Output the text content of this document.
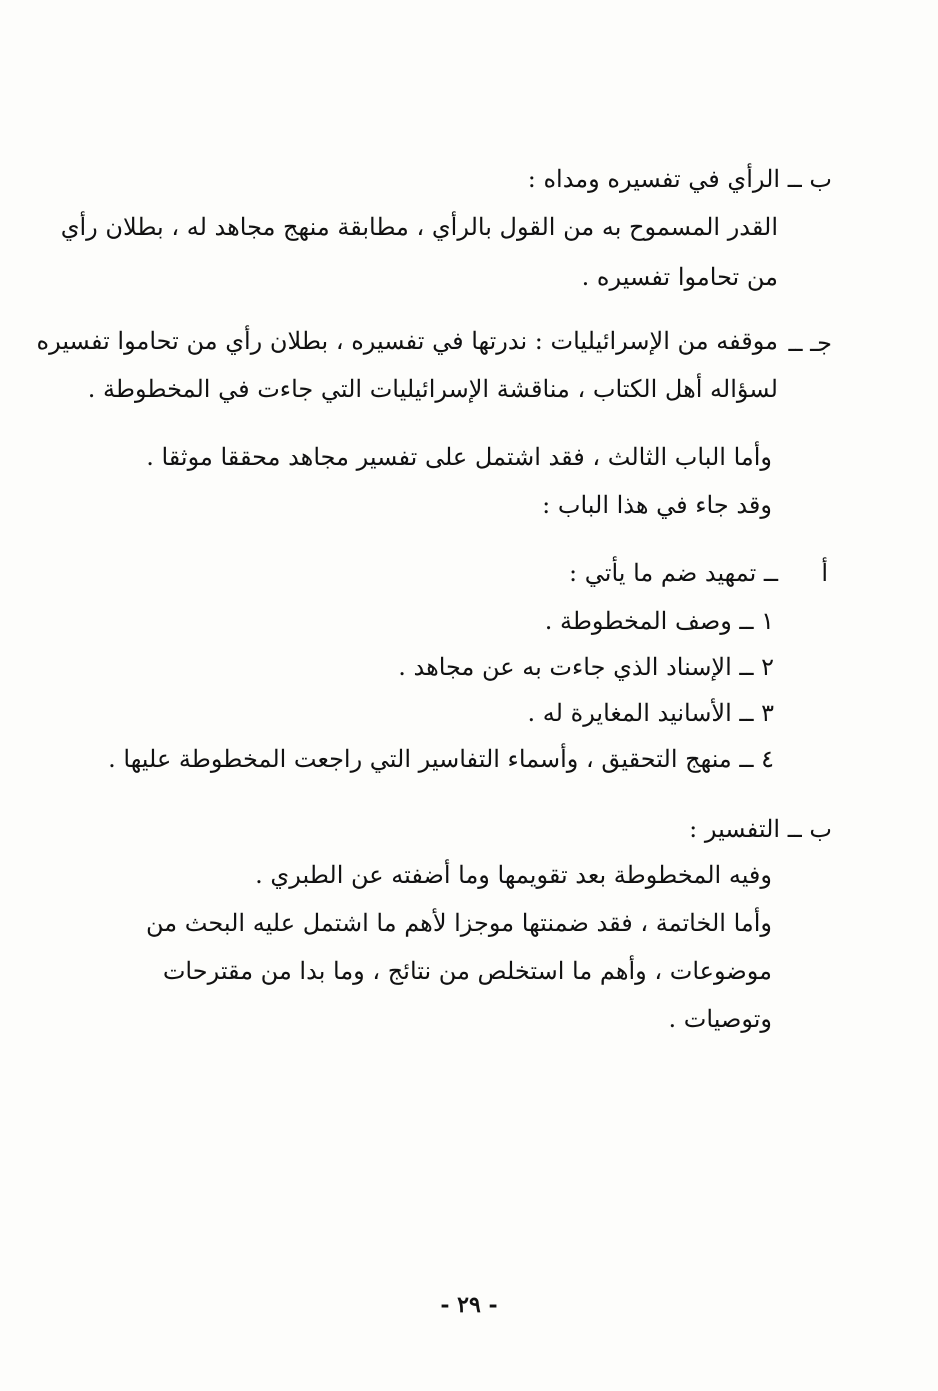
ب ــ الرأي في تفسيره ومداه :
القدر المسموح به من القول بالرأي ، مطابقة منهج مجاهد له ، بطلان رأي
من تحاموا تفسيره .
جـ ــ
موقفه من الإسرائيليات : ندرتها في تفسيره ، بطلان رأي من تحاموا تفسيره
لسؤاله أهل الكتاب ، مناقشة الإسرائيليات التي جاءت في المخطوطة .
وأما الباب الثالث ، فقد اشتمل على تفسير مجاهد محققا موثقا .
وقد جاء في هذا الباب :
أ
ــ تمهيد ضم ما يأتي :
١ ــ وصف المخطوطة .
٢ ــ الإسناد الذي جاءت به عن مجاهد .
٣ ــ الأسانيد المغايرة له .
٤ ــ منهج التحقيق ، وأسماء التفاسير التي راجعت المخطوطة عليها .
ب ــ التفسير :
وفيه المخطوطة بعد تقويمها وما أضفته عن الطبري .
وأما الخاتمة ، فقد ضمنتها موجزا لأهم ما اشتمل عليه البحث من
موضوعات ، وأهم ما استخلص من نتائج ، وما بدا من مقترحات
وتوصيات .
- ٢٩ -
